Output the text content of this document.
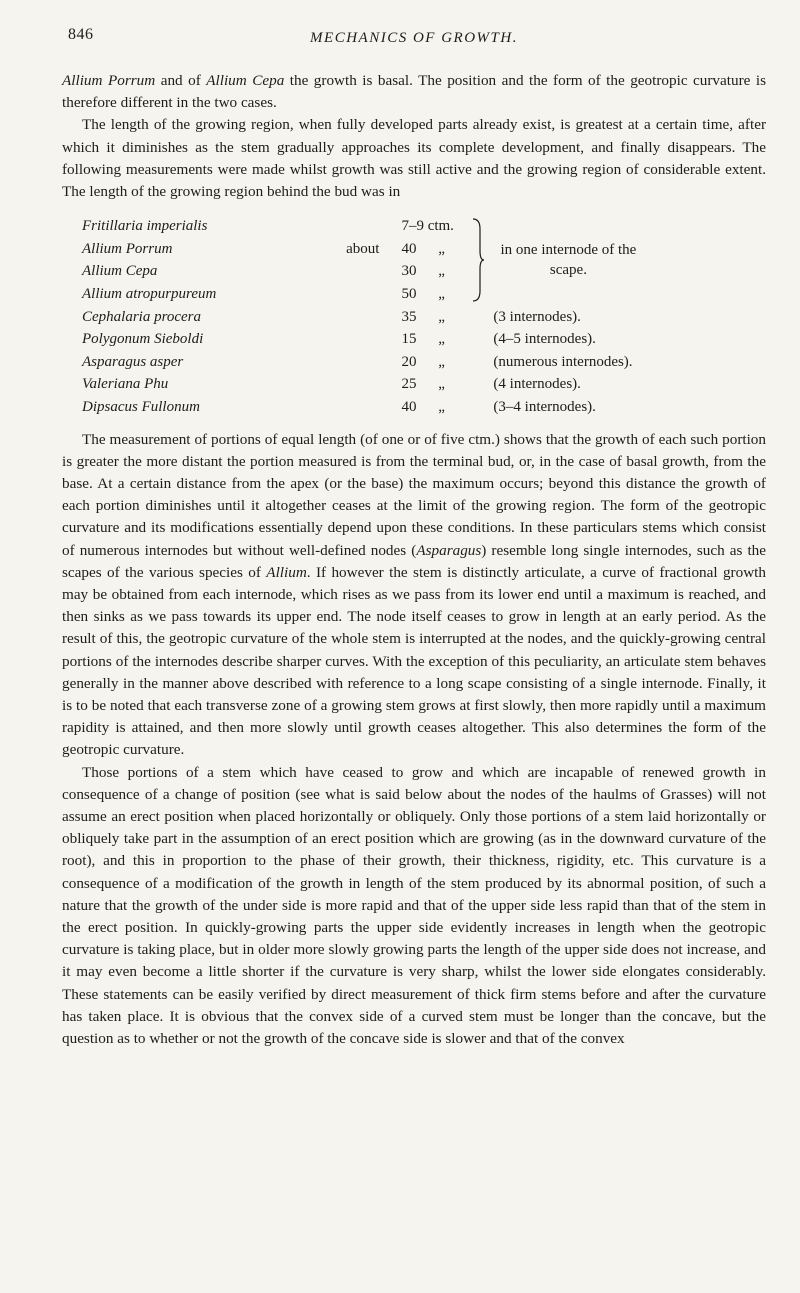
846	MECHANICS OF GROWTH.

Allium Porrum and of Allium Cepa the growth is basal. The position and the form of the geotropic curvature is therefore different in the two cases.

The length of the growing region, when fully developed parts already exist, is greatest at a certain time, after which it diminishes as the stem gradually approaches its complete development, and finally disappears. The following measurements were made whilst growth was still active and the growing region of considerable extent. The length of the growing region behind the bud was in

Fritillaria imperialis		7–9 ctm.		in one internode of the scape.

Allium Porrum	about	40 „		
Allium Cepa		30 „		
Allium atropurpureum		50 „		
Cephalaria procera		35 „		(3 internodes).
Polygonum Sieboldi		15 „		(4–5 internodes).
Asparagus asper		20 „		(numerous internodes).
Valeriana Phu		25 „		(4 internodes).
Dipsacus Fullonum		40 „		(3–4 internodes).

The measurement of portions of equal length (of one or of five ctm.) shows that the growth of each such portion is greater the more distant the portion measured is from the terminal bud, or, in the case of basal growth, from the base. At a certain distance from the apex (or the base) the maximum occurs; beyond this distance the growth of each portion diminishes until it altogether ceases at the limit of the growing region. The form of the geotropic curvature and its modifications essentially depend upon these conditions. In these particulars stems which consist of numerous internodes but without well-defined nodes (Asparagus) resemble long single internodes, such as the scapes of the various species of Allium. If however the stem is distinctly articulate, a curve of fractional growth may be obtained from each internode, which rises as we pass from its lower end until a maximum is reached, and then sinks as we pass towards its upper end. The node itself ceases to grow in length at an early period. As the result of this, the geotropic curvature of the whole stem is interrupted at the nodes, and the quickly-growing central portions of the internodes describe sharper curves. With the exception of this peculiarity, an articulate stem behaves generally in the manner above described with reference to a long scape consisting of a single internode. Finally, it is to be noted that each transverse zone of a growing stem grows at first slowly, then more rapidly until a maximum rapidity is attained, and then more slowly until growth ceases altogether. This also determines the form of the geotropic curvature.

Those portions of a stem which have ceased to grow and which are incapable of renewed growth in consequence of a change of position (see what is said below about the nodes of the haulms of Grasses) will not assume an erect position when placed horizontally or obliquely. Only those portions of a stem laid horizontally or obliquely take part in the assumption of an erect position which are growing (as in the downward curvature of the root), and this in proportion to the phase of their growth, their thickness, rigidity, etc. This curvature is a consequence of a modification of the growth in length of the stem produced by its abnormal position, of such a nature that the growth of the under side is more rapid and that of the upper side less rapid than that of the stem in the erect position. In quickly-growing parts the upper side evidently increases in length when the geotropic curvature is taking place, but in older more slowly growing parts the length of the upper side does not increase, and it may even become a little shorter if the curvature is very sharp, whilst the lower side elongates considerably. These statements can be easily verified by direct measurement of thick firm stems before and after the curvature has taken place. It is obvious that the convex side of a curved stem must be longer than the concave, but the question as to whether or not the growth of the concave side is slower and that of the convex
